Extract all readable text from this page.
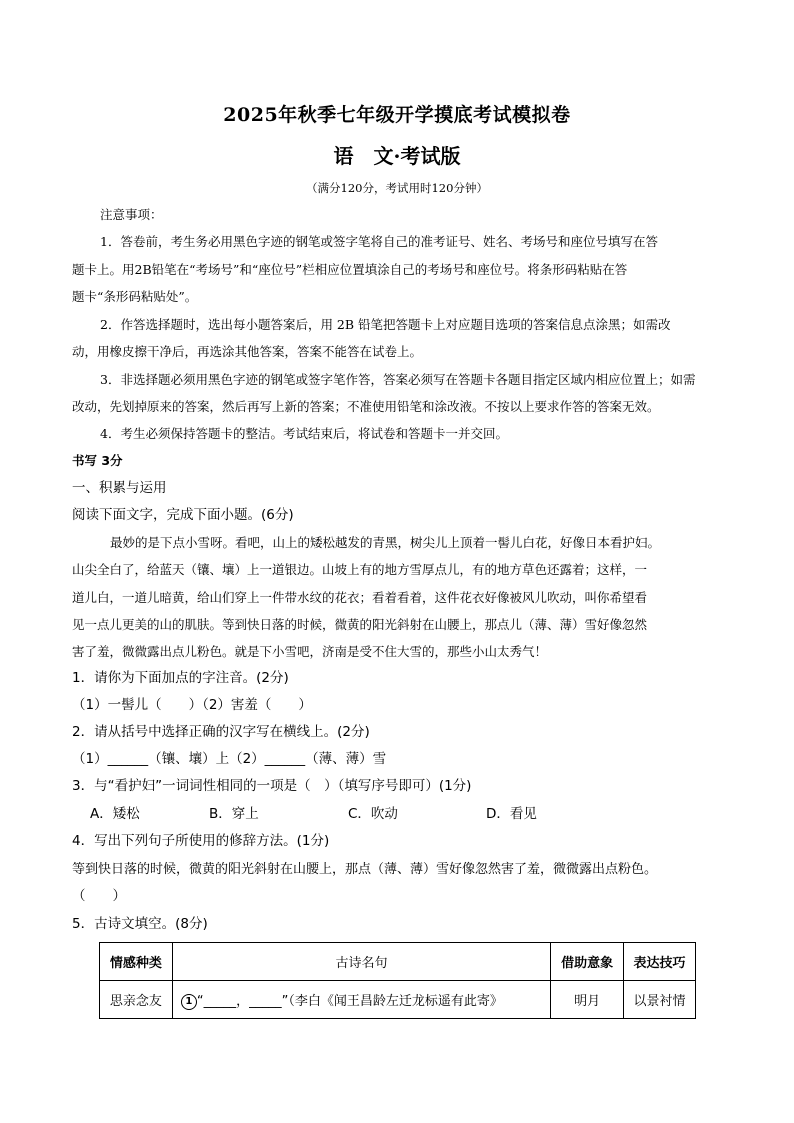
2025年秋季七年级开学摸底考试模拟卷
语　文·考试版
（满分120分，考试用时120分钟）
注意事项：
1．答卷前，考生务必用黑色字迹的钢笔或签字笔将自己的准考证号、姓名、考场号和座位号填写在答
题卡上。用2B铅笔在“考场号”和“座位号”栏相应位置填涂自己的考场号和座位号。将条形码粘贴在答
题卡“条形码粘贴处”。
2．作答选择题时，选出每小题答案后，用 2B 铅笔把答题卡上对应题目选项的答案信息点涂黑；如需改
动，用橡皮擦干净后，再选涂其他答案，答案不能答在试卷上。
3．非选择题必须用黑色字迹的钢笔或签字笔作答，答案必须写在答题卡各题目指定区域内相应位置上；如需
改动，先划掉原来的答案，然后再写上新的答案；不准使用铅笔和涂改液。不按以上要求作答的答案无效。
4．考生必须保持答题卡的整洁。考试结束后，将试卷和答题卡一并交回。
书写 3分
一、积累与运用
阅读下面文字，完成下面小题。(6分)
最妙的是下点小雪呀。看吧，山上的矮松越发的青黑，树尖儿上顶着一髻儿白花，好像日本看护妇。
山尖全白了，给蓝天（镶、壤）上一道银边。山坡上有的地方雪厚点儿，有的地方草色还露着；这样，一
道儿白，一道儿暗黄，给山们穿上一件带水纹的花衣；看着看着，这件花衣好像被风儿吹动，叫你希望看
见一点儿更美的山的肌肤。等到快日落的时候，微黄的阳光斜射在山腰上，那点儿（薄、薄）雪好像忽然
害了羞，微微露出点儿粉色。就是下小雪吧，济南是受不住大雪的，那些小山太秀气！
1．请你为下面加点的字注音。(2分)
（1）一髻儿（　　）（2）害羞（　　）
2．请从括号中选择正确的汉字写在横线上。(2分)
（1）______（镶、壤）上（2）______（薄、薄）雪
3．与“看护妇”一词词性相同的一项是（　）（填写序号即可）(1分)
A．矮松	B．穿上	C．吹动	D．看见
4．写出下列句子所使用的修辞方法。(1分)
等到快日落的时候，微黄的阳光斜射在山腰上，那点（薄、薄）雪好像忽然害了羞，微微露出点粉色。
（　　）
5．古诗文填空。(8分)
情感种类	古诗名句	借助意象	表达技巧
思亲念友	1 “_____，_____”（李白《闻王昌龄左迁龙标遥有此寄》	明月	以景衬情
